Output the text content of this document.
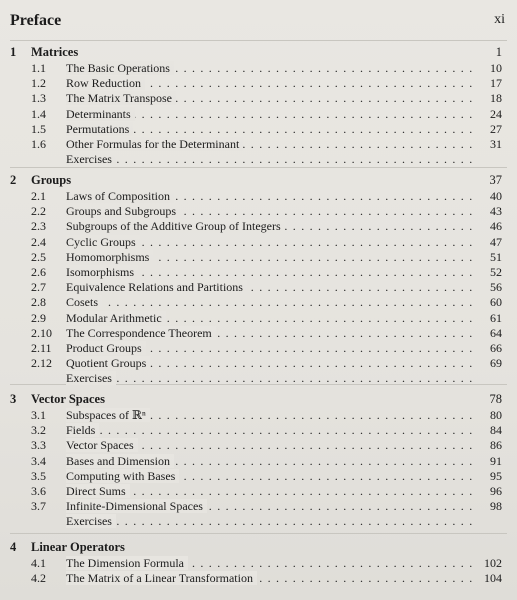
Preface	xi
1 Matrices	1
1.1	The Basic Operations . . .	10
1.2	Row Reduction . . .	17
1.3	The Matrix Transpose . . .	18
1.4	Determinants . . .	24
1.5	Permutations . . .	27
1.6	Other Formulas for the Determinant . . .	31
Exercises . . .
2 Groups	37
2.1	Laws of Composition . . .	40
2.2	Groups and Subgroups . . .	43
2.3	Subgroups of the Additive Group of Integers . . .	46
2.4	Cyclic Groups . . .	47
2.5	Homomorphisms . . .	51
2.6	Isomorphisms . . .	52
2.7	Equivalence Relations and Partitions . . .	56
2.8	Cosets . . .	60
2.9	Modular Arithmetic . . .	61
2.10	The Correspondence Theorem . . .	64
2.11	Product Groups . . .	66
2.12	Quotient Groups . . .	69
Exercises . . .
3 Vector Spaces	78
3.1	Subspaces of ℝⁿ . . .	80
3.2	Fields . . .	84
3.3	Vector Spaces . . .	86
3.4	Bases and Dimension . . .	91
3.5	Computing with Bases . . .	95
3.6	Direct Sums . . .	96
3.7	Infinite-Dimensional Spaces . . .	98
Exercises . . .
4 Linear Operators
4.1	The Dimension Formula . . .	102
4.2	The Matrix of a Linear Transformation . . .	104
